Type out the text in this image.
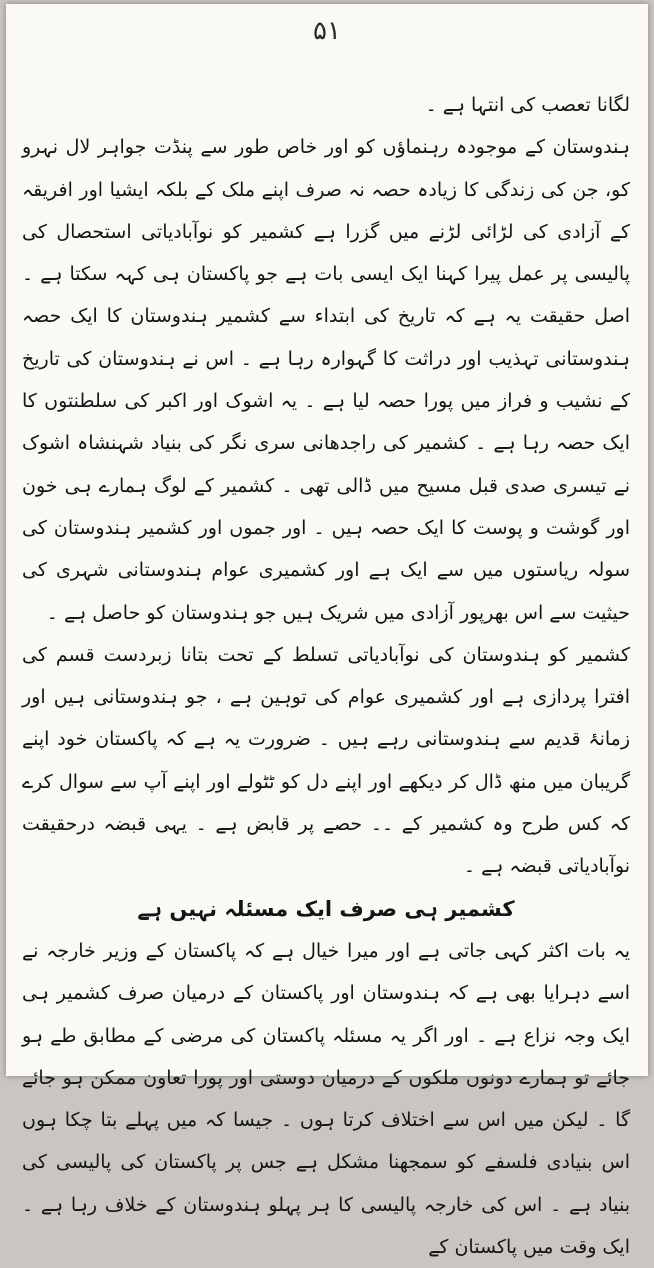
۵۱

لگانا تعصب کی انتہا ہے ۔

ہندوستان کے موجودہ رہنماؤں کو اور خاص طور سے پنڈت جواہر لال نہرو کو، جن کی زندگی کا زیادہ حصہ نہ صرف اپنے ملک کے بلکہ ایشیا اور افریقہ کے آزادی کی لڑائی لڑنے میں گزرا ہے کشمیر کو نوآبادیاتی استحصال کی پالیسی پر عمل پیرا کہنا ایک ایسی بات ہے جو پاکستان ہی کہہ سکتا ہے ۔ اصل حقیقت یہ ہے کہ تاریخ کی ابتداء سے کشمیر ہندوستان کا ایک حصہ ہندوستانی تہذیب اور دراثت کا گہوارہ رہا ہے ۔ اس نے ہندوستان کی تاریخ کے نشیب و فراز میں پورا حصہ لیا ہے ۔ یہ اشوک اور اکبر کی سلطنتوں کا ایک حصہ رہا ہے ۔ کشمیر کی راجدھانی سری نگر کی بنیاد شہنشاہ اشوک نے تیسری صدی قبل مسیح میں ڈالی تھی ۔ کشمیر کے لوگ ہمارے ہی خون اور گوشت و پوست کا ایک حصہ ہیں ۔ اور جموں اور کشمیر ہندوستان کی سولہ ریاستوں میں سے ایک ہے اور کشمیری عوام ہندوستانی شہری کی حیثیت سے اس بھرپور آزادی میں شریک ہیں جو ہندوستان کو حاصل ہے ۔

کشمیر کو ہندوستان کی نوآبادیاتی تسلط کے تحت بتانا زبردست قسم کی افترا پردازی ہے اور کشمیری عوام کی توہین ہے ، جو ہندوستانی ہیں اور زمانۂ قدیم سے ہندوستانی رہے ہیں ۔ ضرورت یہ ہے کہ پاکستان خود اپنے گریبان میں منھ ڈال کر دیکھے اور اپنے دل کو ٹٹولے اور اپنے آپ سے سوال کرے کہ کس طرح وہ کشمیر کے ۔۔ حصے پر قابض ہے ۔ یہی قبضہ درحقیقت نوآبادیاتی قبضہ ہے ۔

کشمیر ہی صرف ایک مسئلہ نہیں ہے

یہ بات اکثر کہی جاتی ہے اور میرا خیال ہے کہ پاکستان کے وزیر خارجہ نے اسے دہرایا بھی ہے کہ ہندوستان اور پاکستان کے درمیان صرف کشمیر ہی ایک وجہ نزاع ہے ۔ اور اگر یہ مسئلہ پاکستان کی مرضی کے مطابق طے ہو جائے تو ہمارے دونوں ملکوں کے درمیان دوستی اور پورا تعاون ممکن ہو جائے گا ۔ لیکن میں اس سے اختلاف کرتا ہوں ۔ جیسا کہ میں پہلے بتا چکا ہوں اس بنیادی فلسفے کو سمجھنا مشکل ہے جس پر پاکستان کی پالیسی کی بنیاد ہے ۔ اس کی خارجہ پالیسی کا ہر پہلو ہندوستان کے خلاف رہا ہے ۔ ایک وقت میں پاکستان کے
